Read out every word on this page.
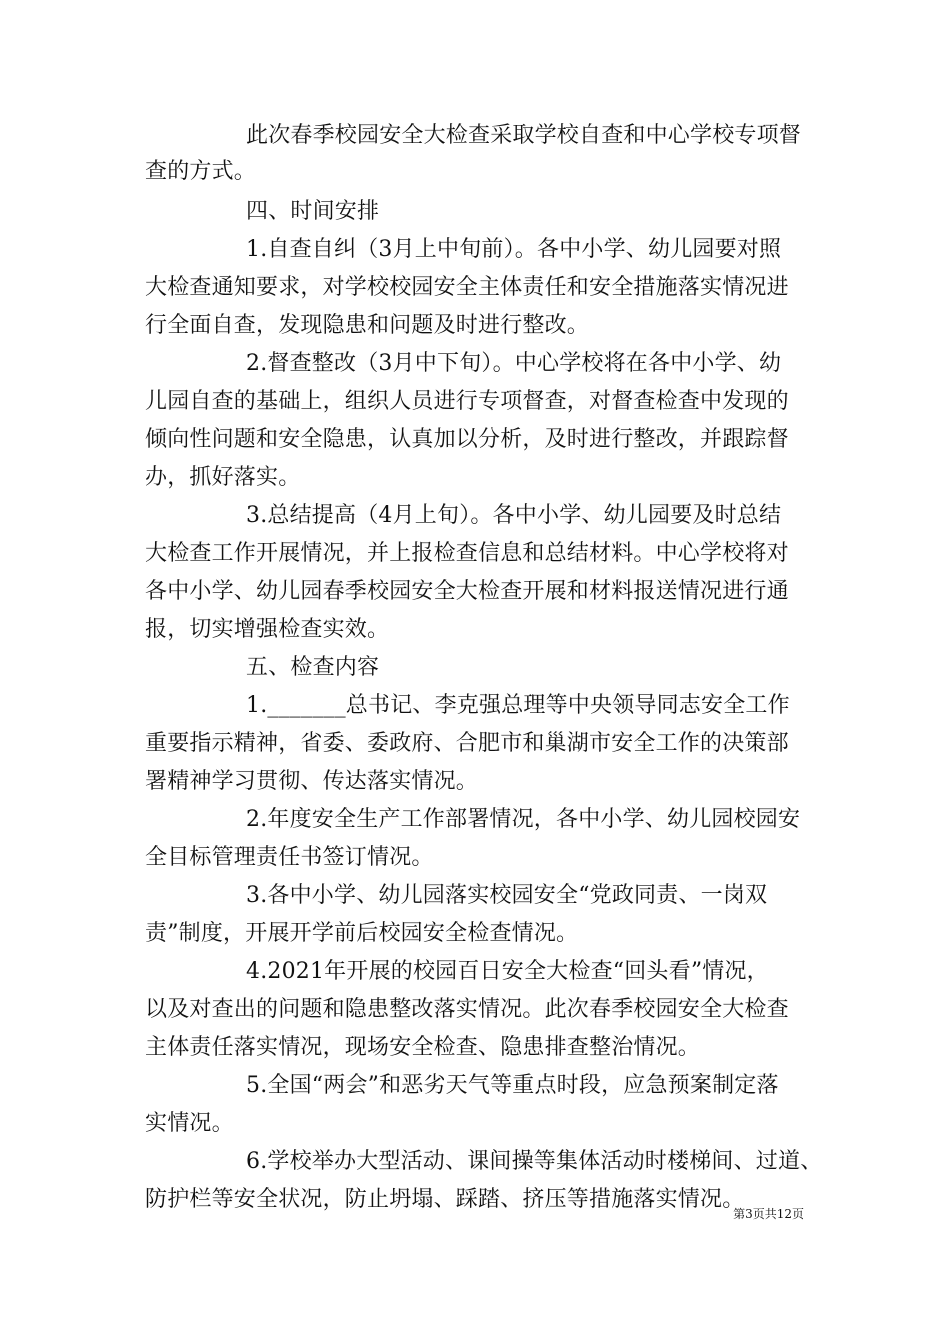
此次春季校园安全大检查采取学校自查和中心学校专项督
查的方式。
四、时间安排
1.自查自纠（3月上中旬前）。各中小学、幼儿园要对照
大检查通知要求，对学校校园安全主体责任和安全措施落实情况进
行全面自查，发现隐患和问题及时进行整改。
2.督查整改（3月中下旬）。中心学校将在各中小学、幼
儿园自查的基础上，组织人员进行专项督查，对督查检查中发现的
倾向性问题和安全隐患，认真加以分析，及时进行整改，并跟踪督
办，抓好落实。
3.总结提高（4月上旬）。各中小学、幼儿园要及时总结
大检查工作开展情况，并上报检查信息和总结材料。中心学校将对
各中小学、幼儿园春季校园安全大检查开展和材料报送情况进行通
报，切实增强检查实效。
五、检查内容
1._______总书记、李克强总理等中央领导同志安全工作
重要指示精神，省委、委政府、合肥市和巢湖市安全工作的决策部
署精神学习贯彻、传达落实情况。
2.年度安全生产工作部署情况，各中小学、幼儿园校园安
全目标管理责任书签订情况。
3.各中小学、幼儿园落实校园安全“党政同责、一岗双
责”制度，开展开学前后校园安全检查情况。
4.2021年开展的校园百日安全大检查“回头看”情况，
以及对查出的问题和隐患整改落实情况。此次春季校园安全大检查
主体责任落实情况，现场安全检查、隐患排查整治情况。
5.全国“两会”和恶劣天气等重点时段，应急预案制定落
实情况。
6.学校举办大型活动、课间操等集体活动时楼梯间、过道、
防护栏等安全状况，防止坍塌、踩踏、挤压等措施落实情况。
第3页共12页
